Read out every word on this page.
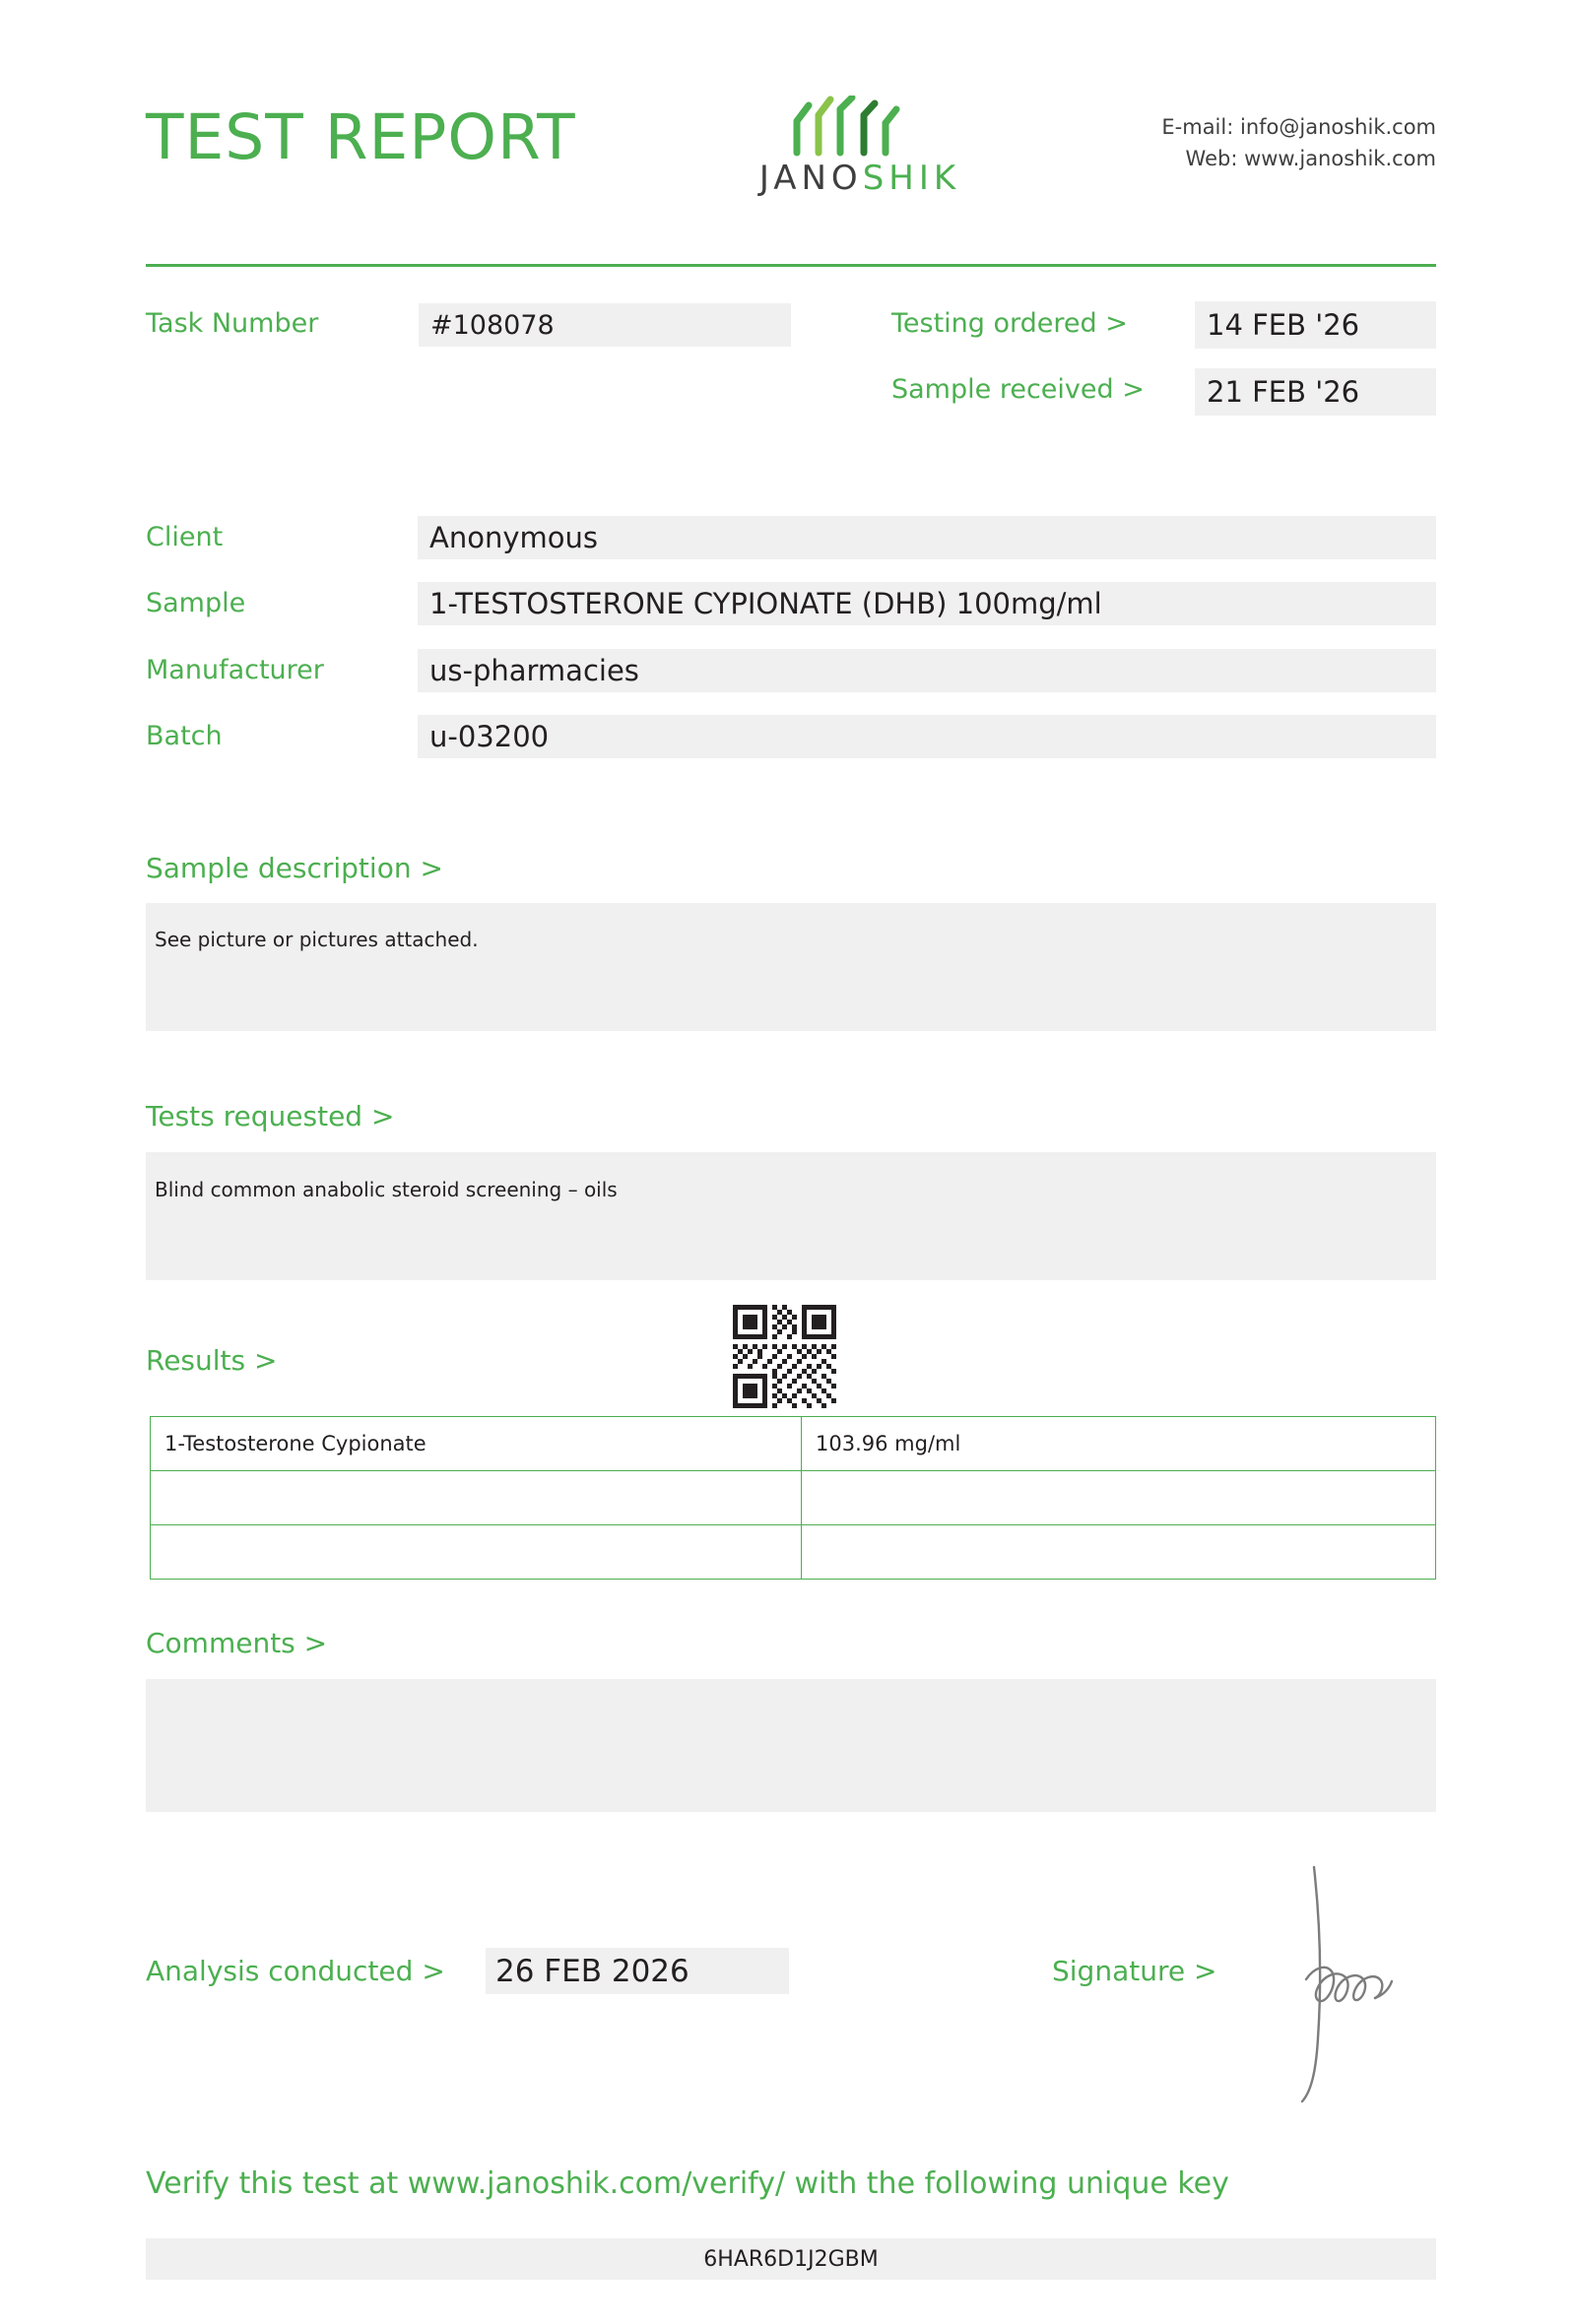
TEST REPORT
JANOSHIK
E-mail: info@janoshik.com
Web: www.janoshik.com
Task Number	#108078	Testing ordered >	14 FEB '26
Sample received >	21 FEB '26
Client	Anonymous
Sample	1-TESTOSTERONE CYPIONATE (DHB) 100mg/ml
Manufacturer	us-pharmacies
Batch	u-03200
Sample description >
See picture or pictures attached.
Tests requested >
Blind common anabolic steroid screening – oils
Results >
1-Testosterone Cypionate	103.96 mg/ml

Comments >
Analysis conducted >	26 FEB 2026	Signature >
Verify this test at www.janoshik.com/verify/ with the following unique key
6HAR6D1J2GBM
